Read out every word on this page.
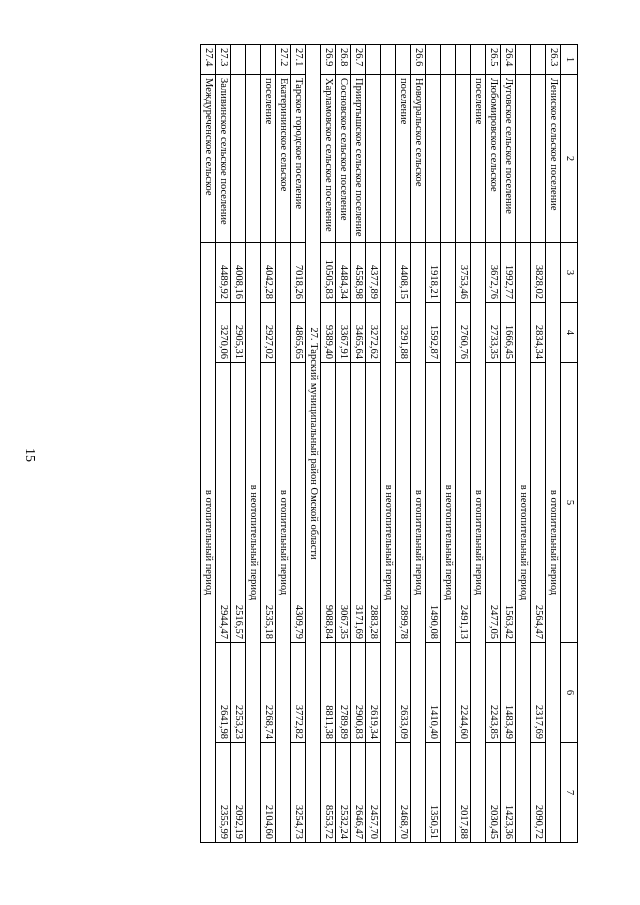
15
1	2	3	4	5	6	7
26.3	Лениское сельское поселение	в отопительный период				
		3828,02	2834,34	2564,47	2317,69	2090,72
		в неотопительный период				
26.4	Луговское сельское поселение	1992,77	1666,45	1563,42	1483,49	1423,36
26.5	Любомировское сельское	3672,76	2733,35	2477,05	2243,85	2030,45
	поселение	в отопительный период				
		3753,46	2760,76	2491,13	2244,60	2017,88
		в неотопительный период				
		1918,21	1592,87	1490,08	1410,40	1350,51
26.6	Новоуральское сельское	в отопительный период				
	поселение	4408,15	3291,88	2899,78	2633,09	2468,70
		в неотопительный период				
		4377,89	3272,62	2883,28	2619,34	2457,70
26.7	Прииртышское сельское поселение	4558,98	3465,64	3171,69	2900,83	2646,47
26.8	Сосновское сельское поселение	4484,34	3367,91	3067,35	2789,89	2532,24
26.9	Харламовское сельское поселение	10505,83	9389,40	9088,84	8811,38	8553,72
27. Тарский муниципальный район Омской области						
27.1	Тарское городское поселение	7018,26	4865,65	4309,79	3772,82	3254,73
27.2	Екатерининское сельское	в отопительный период				
	поселение	4042,28	2927,02	2535,18	2268,74	2104,60
		в неотопительный период				
		4008,16	2905,31	2516,57	2253,23	2092,19
27.3	Заливинское сельское поселение	4489,92	3270,06	2944,47	2641,98	2355,99
27.4	Междуреченское сельское	в отопительный период				
